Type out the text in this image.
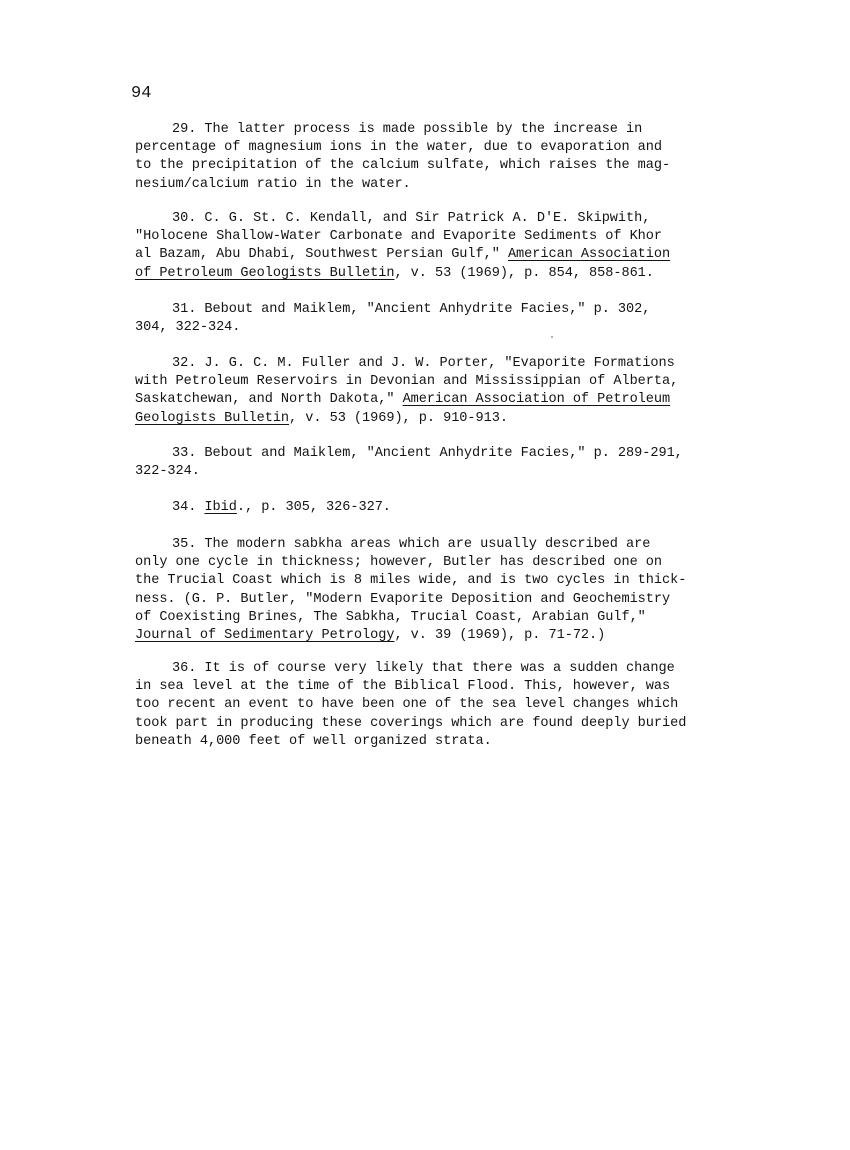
94

29. The latter process is made possible by the increase in
percentage of magnesium ions in the water, due to evaporation and
to the precipitation of the calcium sulfate, which raises the mag-
nesium/calcium ratio in the water.
30. C. G. St. C. Kendall, and Sir Patrick A. D'E. Skipwith,
"Holocene Shallow-Water Carbonate and Evaporite Sediments of Khor
al Bazam, Abu Dhabi, Southwest Persian Gulf," American Association
of Petroleum Geologists Bulletin, v. 53 (1969), p. 854, 858-861.
31. Bebout and Maiklem, "Ancient Anhydrite Facies," p. 302,
304, 322-324.
32. J. G. C. M. Fuller and J. W. Porter, "Evaporite Formations
with Petroleum Reservoirs in Devonian and Mississippian of Alberta,
Saskatchewan, and North Dakota," American Association of Petroleum
Geologists Bulletin, v. 53 (1969), p. 910-913.
33. Bebout and Maiklem, "Ancient Anhydrite Facies," p. 289-291,
322-324.
34. Ibid., p. 305, 326-327.
35. The modern sabkha areas which are usually described are
only one cycle in thickness; however, Butler has described one on
the Trucial Coast which is 8 miles wide, and is two cycles in thick-
ness. (G. P. Butler, "Modern Evaporite Deposition and Geochemistry
of Coexisting Brines, The Sabkha, Trucial Coast, Arabian Gulf,"
Journal of Sedimentary Petrology, v. 39 (1969), p. 71-72.)
36. It is of course very likely that there was a sudden change
in sea level at the time of the Biblical Flood. This, however, was
too recent an event to have been one of the sea level changes which
took part in producing these coverings which are found deeply buried
beneath 4,000 feet of well organized strata.
